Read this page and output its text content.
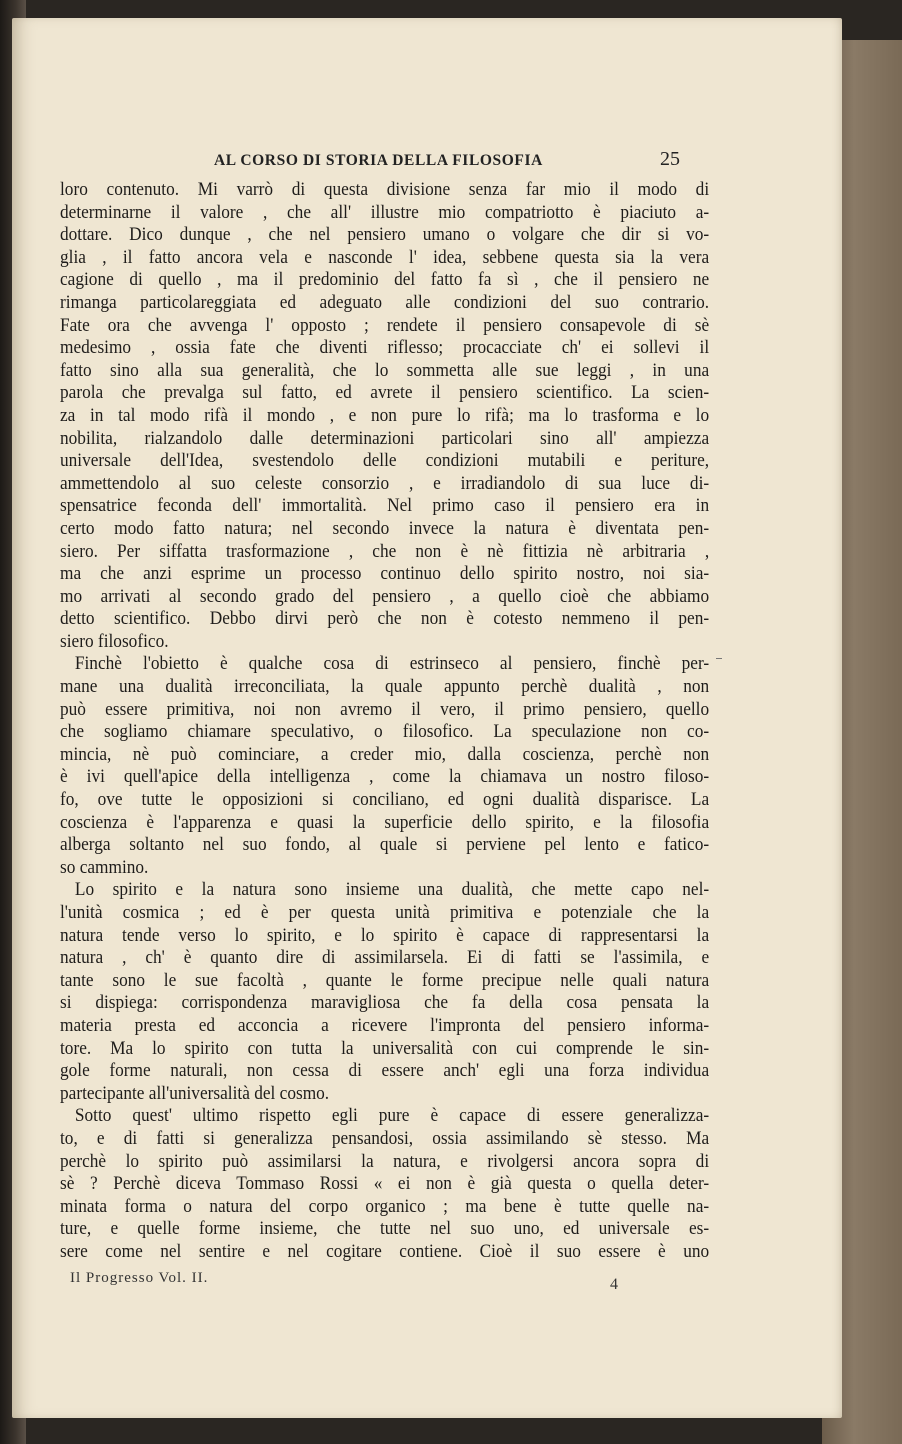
AL CORSO DI STORIA DELLA FILOSOFIA	25
loro contenuto. Mi varrò di questa divisione senza far mio il modo di
determinarne il valore , che all' illustre mio compatriotto è piaciuto a-
dottare. Dico dunque , che nel pensiero umano o volgare che dir si vo-
glia , il fatto ancora vela e nasconde l' idea, sebbene questa sia la vera
cagione di quello , ma il predominio del fatto fa sì , che il pensiero ne
rimanga particolareggiata ed adeguato alle condizioni del suo contrario.
Fate ora che avvenga l' opposto ; rendete il pensiero consapevole di sè
medesimo , ossia fate che diventi riflesso; procacciate ch' ei sollevi il
fatto sino alla sua generalità, che lo sommetta alle sue leggi , in una
parola che prevalga sul fatto, ed avrete il pensiero scientifico. La scien-
za in tal modo rifà il mondo , e non pure lo rifà; ma lo trasforma e lo
nobilita, rialzandolo dalle determinazioni particolari sino all' ampiezza
universale dell'Idea, svestendolo delle condizioni mutabili e periture,
ammettendolo al suo celeste consorzio , e irradiandolo di sua luce di-
spensatrice feconda dell' immortalità. Nel primo caso il pensiero era in
certo modo fatto natura; nel secondo invece la natura è diventata pen-
siero. Per siffatta trasformazione , che non è nè fittizia nè arbitraria ,
ma che anzi esprime un processo continuo dello spirito nostro, noi sia-
mo arrivati al secondo grado del pensiero , a quello cioè che abbiamo
detto scientifico. Debbo dirvi però che non è cotesto nemmeno il pen-
siero filosofico.
Finchè l'obietto è qualche cosa di estrinseco al pensiero, finchè per-
mane una dualità irreconciliata, la quale appunto perchè dualità , non
può essere primitiva, noi non avremo il vero, il primo pensiero, quello
che sogliamo chiamare speculativo, o filosofico. La speculazione non co-
mincia, nè può cominciare, a creder mio, dalla coscienza, perchè non
è ivi quell'apice della intelligenza , come la chiamava un nostro filoso-
fo, ove tutte le opposizioni si conciliano, ed ogni dualità disparisce. La
coscienza è l'apparenza e quasi la superficie dello spirito, e la filosofia
alberga soltanto nel suo fondo, al quale si perviene pel lento e fatico-
so cammino.
Lo spirito e la natura sono insieme una dualità, che mette capo nel-
l'unità cosmica ; ed è per questa unità primitiva e potenziale che la
natura tende verso lo spirito, e lo spirito è capace di rappresentarsi la
natura , ch' è quanto dire di assimilarsela. Ei di fatti se l'assimila, e
tante sono le sue facoltà , quante le forme precipue nelle quali natura
si dispiega: corrispondenza maravigliosa che fa della cosa pensata la
materia presta ed acconcia a ricevere l'impronta del pensiero informa-
tore. Ma lo spirito con tutta la universalità con cui comprende le sin-
gole forme naturali, non cessa di essere anch' egli una forza individua
partecipante all'universalità del cosmo.
Sotto quest' ultimo rispetto egli pure è capace di essere generalizza-
to, e di fatti si generalizza pensandosi, ossia assimilando sè stesso. Ma
perchè lo spirito può assimilarsi la natura, e rivolgersi ancora sopra di
sè ? Perchè diceva Tommaso Rossi « ei non è già questa o quella deter-
minata forma o natura del corpo organico ; ma bene è tutte quelle na-
ture, e quelle forme insieme, che tutte nel suo uno, ed universale es-
sere come nel sentire e nel cogitare contiene. Cioè il suo essere è uno
Il Progresso Vol. II.	4
